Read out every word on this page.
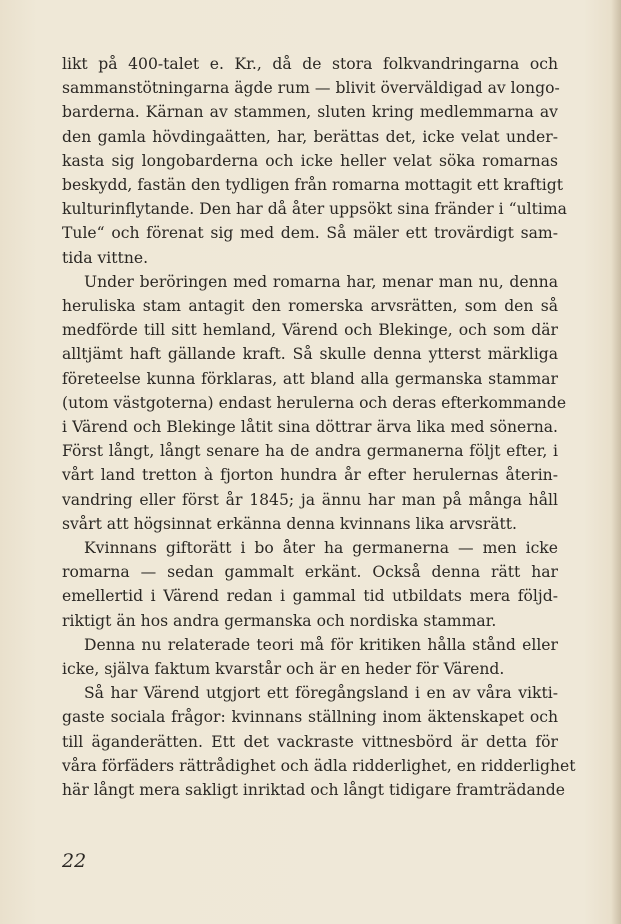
likt på 400-talet e. Kr., då de stora folkvandringarna och
sammanstötningarna ägde rum — blivit överväldigad av longo-
barderna. Kärnan av stammen, sluten kring medlemmarna av
den gamla hövdingaätten, har, berättas det, icke velat under-
kasta sig longobarderna och icke heller velat söka romarnas
beskydd, fastän den tydligen från romarna mottagit ett kraftigt
kulturinflytande. Den har då åter uppsökt sina fränder i “ultima
Tule“ och förenat sig med dem. Så mäler ett trovärdigt sam-
tida vittne.
Under beröringen med romarna har, menar man nu, denna
heruliska stam antagit den romerska arvsrätten, som den så
medförde till sitt hemland, Värend och Blekinge, och som där
alltjämt haft gällande kraft. Så skulle denna ytterst märkliga
företeelse kunna förklaras, att bland alla germanska stammar
(utom västgoterna) endast herulerna och deras efterkommande
i Värend och Blekinge låtit sina döttrar ärva lika med sönerna.
Först långt, långt senare ha de andra germanerna följt efter, i
vårt land tretton à fjorton hundra år efter herulernas återin-
vandring eller först år 1845; ja ännu har man på många håll
svårt att högsinnat erkänna denna kvinnans lika arvsrätt.
Kvinnans giftorätt i bo åter ha germanerna — men icke
romarna — sedan gammalt erkänt. Också denna rätt har
emellertid i Värend redan i gammal tid utbildats mera följd-
riktigt än hos andra germanska och nordiska stammar.
Denna nu relaterade teori må för kritiken hålla stånd eller
icke, själva faktum kvarstår och är en heder för Värend.
Så har Värend utgjort ett föregångsland i en av våra vikti-
gaste sociala frågor: kvinnans ställning inom äktenskapet och
till äganderätten. Ett det vackraste vittnesbörd är detta för
våra förfäders rättrådighet och ädla ridderlighet, en ridderlighet
här långt mera sakligt inriktad och långt tidigare framträdande
22
